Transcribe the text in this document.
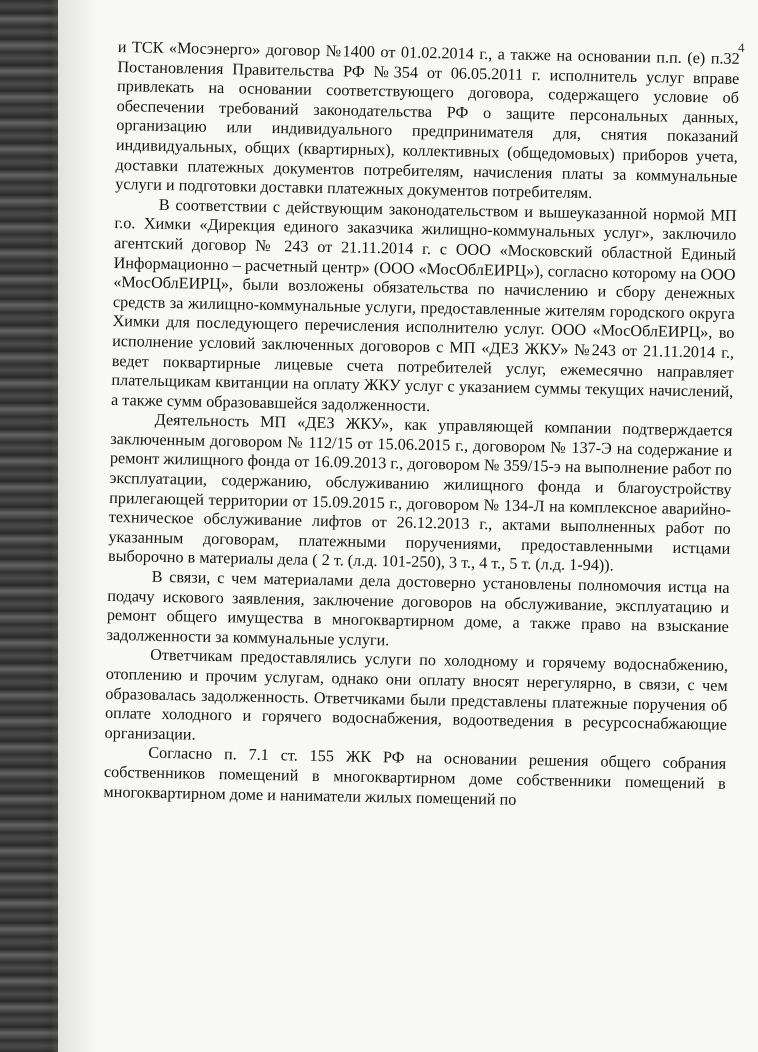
4

и ТСК «Мосэнерго» договор №1400 от 01.02.2014 г., а также на основании п.п. (е) п.32 Постановления Правительства РФ №354 от 06.05.2011 г. исполнитель услуг вправе привлекать на основании соответствующего договора, содержащего условие об обеспечении требований законодательства РФ о защите персональных данных, организацию или индивидуального предпринимателя для, снятия показаний индивидуальных, общих (квартирных), коллективных (общедомовых) приборов учета, доставки платежных документов потребителям, начисления платы за коммунальные услуги и подготовки доставки платежных документов потребителям.

В соответствии с действующим законодательством и вышеуказанной нормой МП г.о. Химки «Дирекция единого заказчика жилищно-коммунальных услуг», заключило агентский договор № 243 от 21.11.2014 г. с ООО «Московский областной Единый Информационно – расчетный центр» (ООО «МосОблЕИРЦ»), согласно которому на ООО «МосОблЕИРЦ», были возложены обязательства по начислению и сбору денежных средств за жилищно-коммунальные услуги, предоставленные жителям городского округа Химки для последующего перечисления исполнителю услуг. ООО «МосОблЕИРЦ», во исполнение условий заключенных договоров с МП «ДЕЗ ЖКУ» №243 от 21.11.2014 г., ведет поквартирные лицевые счета потребителей услуг, ежемесячно направляет плательщикам квитанции на оплату ЖКУ услуг с указанием суммы текущих начислений, а также сумм образовавшейся задолженности.

Деятельность МП «ДЕЗ ЖКУ», как управляющей компании подтверждается заключенным договором № 112/15 от 15.06.2015 г., договором № 137-Э на содержание и ремонт жилищного фонда от 16.09.2013 г., договором № 359/15-э на выполнение работ по эксплуатации, содержанию, обслуживанию жилищного фонда и благоустройству прилегающей территории от 15.09.2015 г., договором № 134-Л на комплексное аварийно-техническое обслуживание лифтов от 26.12.2013 г., актами выполненных работ по указанным договорам, платежными поручениями, предоставленными истцами выборочно в материалы дела ( 2 т. (л.д. 101-250), 3 т., 4 т., 5 т. (л.д. 1-94)).

В связи, с чем материалами дела достоверно установлены полномочия истца на подачу искового заявления, заключение договоров на обслуживание, эксплуатацию и ремонт общего имущества в многоквартирном доме, а также право на взыскание задолженности за коммунальные услуги.

Ответчикам предоставлялись услуги по холодному и горячему водоснабжению, отоплению и прочим услугам, однако они оплату вносят нерегулярно, в связи, с чем образовалась задолженность. Ответчиками были представлены платежные поручения об оплате холодного и горячего водоснабжения, водоотведения в ресурсоснабжающие организации.

Согласно п. 7.1 ст. 155 ЖК РФ на основании решения общего собрания собственников помещений в многоквартирном доме собственники помещений в многоквартирном доме и наниматели жилых помещений по
